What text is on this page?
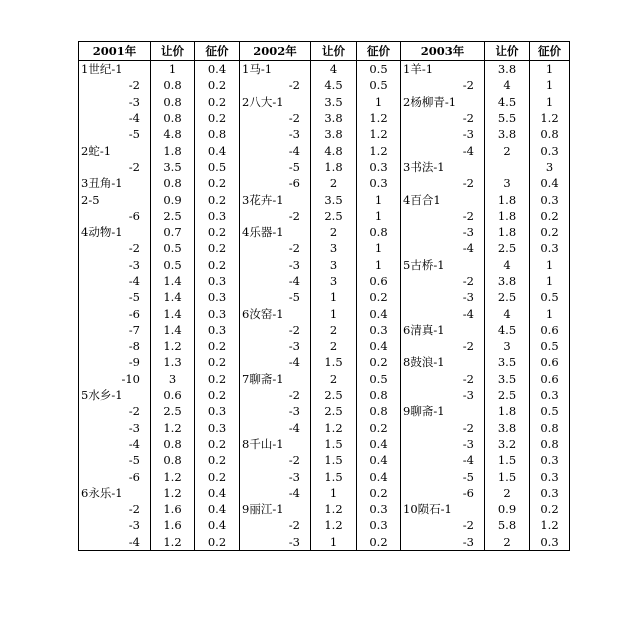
2001年	让价	征价	2002年	让价	征价	2003年	让价	征价
1世纪-1	1	0.4	1马-1	4	0.5	1羊-1	3.8	1
-2	0.8	0.2	-2	4.5	0.5	-2	4	1
-3	0.8	0.2	2八大-1	3.5	1	2杨柳青-1	4.5	1
-4	0.8	0.2	-2	3.8	1.2	-2	5.5	1.2
-5	4.8	0.8	-3	3.8	1.2	-3	3.8	0.8
2蛇-1	1.8	0.4	-4	4.8	1.2	-4	2	0.3
-2	3.5	0.5	-5	1.8	0.3	3书法-1		3
3丑角-1	0.8	0.2	-6	2	0.3	-2	3	0.4
2-5	0.9	0.2	3花卉-1	3.5	1	4百合1	1.8	0.3
-6	2.5	0.3	-2	2.5	1	-2	1.8	0.2
4动物-1	0.7	0.2	4乐器-1	2	0.8	-3	1.8	0.2
-2	0.5	0.2	-2	3	1	-4	2.5	0.3
-3	0.5	0.2	-3	3	1	5古桥-1	4	1
-4	1.4	0.3	-4	3	0.6	-2	3.8	1
-5	1.4	0.3	-5	1	0.2	-3	2.5	0.5
-6	1.4	0.3	6汝窑-1	1	0.4	-4	4	1
-7	1.4	0.3	-2	2	0.3	6清真-1	4.5	0.6
-8	1.2	0.2	-3	2	0.4	-2	3	0.5
-9	1.3	0.2	-4	1.5	0.2	8鼓浪-1	3.5	0.6
-10	3	0.2	7聊斋-1	2	0.5	-2	3.5	0.6
5水乡-1	0.6	0.2	-2	2.5	0.8	-3	2.5	0.3
-2	2.5	0.3	-3	2.5	0.8	9聊斋-1	1.8	0.5
-3	1.2	0.3	-4	1.2	0.2	-2	3.8	0.8
-4	0.8	0.2	8千山-1	1.5	0.4	-3	3.2	0.8
-5	0.8	0.2	-2	1.5	0.4	-4	1.5	0.3
-6	1.2	0.2	-3	1.5	0.4	-5	1.5	0.3
6永乐-1	1.2	0.4	-4	1	0.2	-6	2	0.3
-2	1.6	0.4	9丽江-1	1.2	0.3	10陨石-1	0.9	0.2
-3	1.6	0.4	-2	1.2	0.3	-2	5.8	1.2
-4	1.2	0.2	-3	1	0.2	-3	2	0.3
